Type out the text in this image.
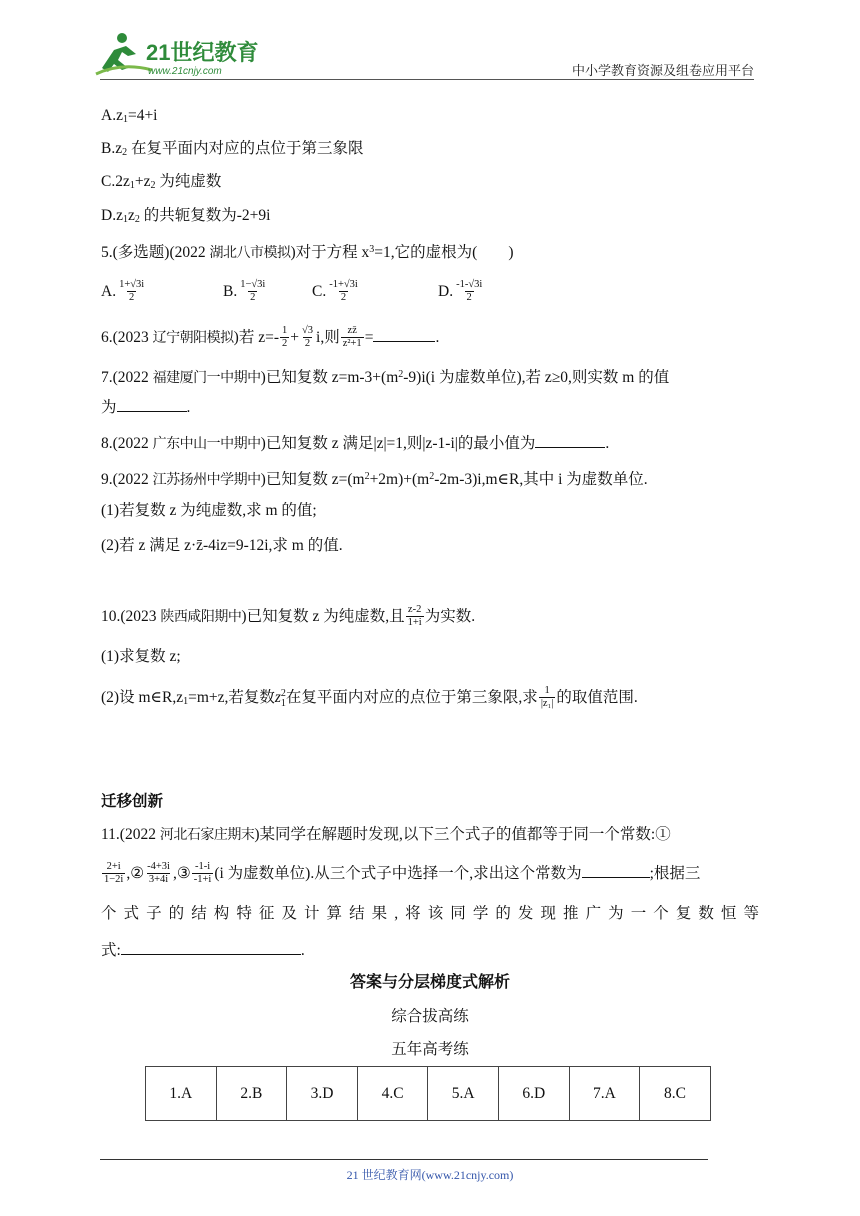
21世纪教育
www.21cnjy.com	中小学教育资源及组卷应用平台
$A.z_1=4+i$
$B.z_2$ 在复平面内对应的点位于第三象限
$C.2z_1+z_2$ 为纯虚数
$D.z_1z_2$ 的共轭复数为-2+9i
5.(多选题)(2022 湖北八市模拟)对于方程 $x^3=1$,它的虚根为(　　)
A. $\frac{1+√3i}{2}$	B. $\frac{1-√3i}{2}$	C. $\frac{-1+√3i}{2}$	D. $\frac{-1-√3i}{2}$
6.(2023 辽宁朝阳模拟)若 $z=- \frac{1}{2} + \frac{√3}{2} i$,则 $\frac{zz̄}{\text{z²+1}}$ =	.
7.(2022 福建厦门一中期中)已知复数 $z=m-3+(m^2-9)i(i$ 为虚数单位),若 z≥0,则实数 m 的值
为	.
8.(2022 广东中山一中期中)已知复数 z 满足|z|=1,则|z-1-i|的最小值为	.
9.(2022 江苏扬州中学期中)已知复数 $z=(m^2+2m)+(m^2-2m-3)i,m\in R$,其中 i 为虚数单位.
(1)若复数 z 为纯虚数,求 m 的值;
(2)若 z 满足 z·z̄-4iz=9-12i,求 m 的值.
10.(2023 陕西咸阳期中)已知复数 z 为纯虚数,且 $\frac{z-2}{1+i}$ 为实数.
(1)求复数 z;
(2)设 $m\in R,z_1=m+z$,若复数z 2
1 在复平面内对应的点位于第三象限,求 $\frac{1}{\text{|z₁|}}$ 的取值范围.
迁移创新
11.(2022 河北石家庄期末)某同学在解题时发现,以下三个式子的值都等于同一个常数:①
$\frac{2+i}{1-2i}$ ,② $\frac{-4+3i}{3+4i}$ ,③ $\frac{-1-i}{-1+i} (i$ 为虚数单位).从三个式子中选择一个,求出这个常数为	;根据三
个式子的结构特征及计算结果,将该同学的发现推广为一个复数恒等
式:	.
答案与分层梯度式解析
综合拔高练
五年高考练
1.A	2.B	3.D	4.C	5.A	6.D	7.A	8.C
21 世纪教育网(www.21cnjy.com)
